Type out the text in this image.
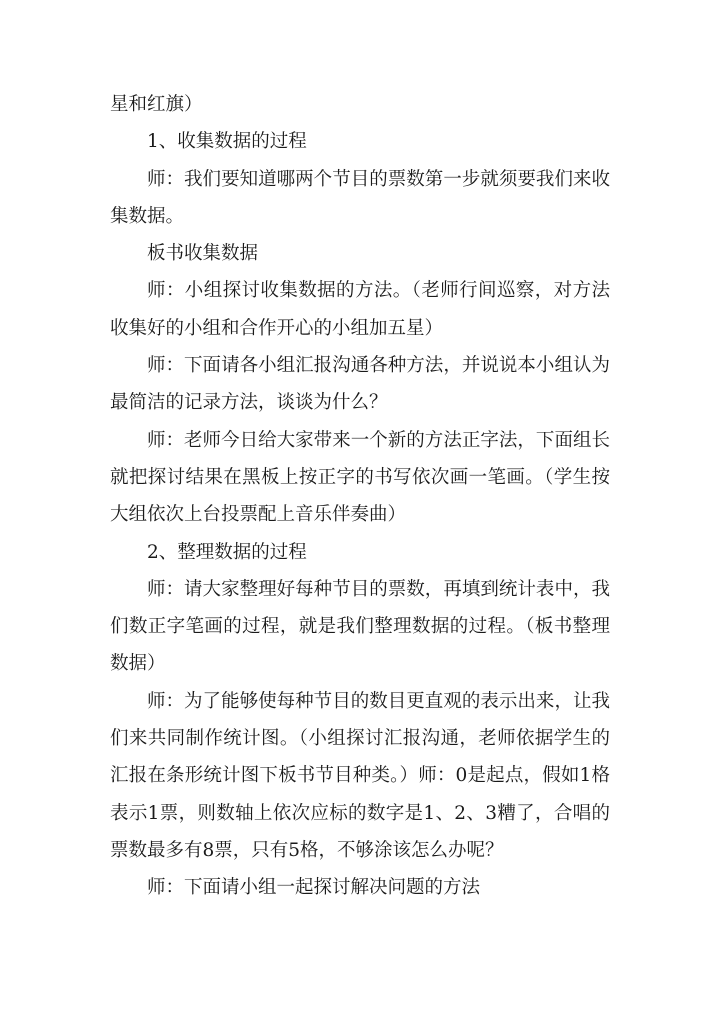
星和红旗）

1、收集数据的过程

师：我们要知道哪两个节目的票数第一步就须要我们来收集数据。

板书收集数据

师：小组探讨收集数据的方法。（老师行间巡察，对方法收集好的小组和合作开心的小组加五星）

师：下面请各小组汇报沟通各种方法，并说说本小组认为最简洁的记录方法，谈谈为什么？

师：老师今日给大家带来一个新的方法正字法，下面组长就把探讨结果在黑板上按正字的书写依次画一笔画。（学生按大组依次上台投票配上音乐伴奏曲）

2、整理数据的过程

师：请大家整理好每种节目的票数，再填到统计表中，我们数正字笔画的过程，就是我们整理数据的过程。（板书整理数据）

师：为了能够使每种节目的数目更直观的表示出来，让我们来共同制作统计图。（小组探讨汇报沟通，老师依据学生的汇报在条形统计图下板书节目种类。）师：0是起点，假如1格表示1票，则数轴上依次应标的数字是1、2、3糟了，合唱的票数最多有8票，只有5格，不够涂该怎么办呢？

师：下面请小组一起探讨解决问题的方法
